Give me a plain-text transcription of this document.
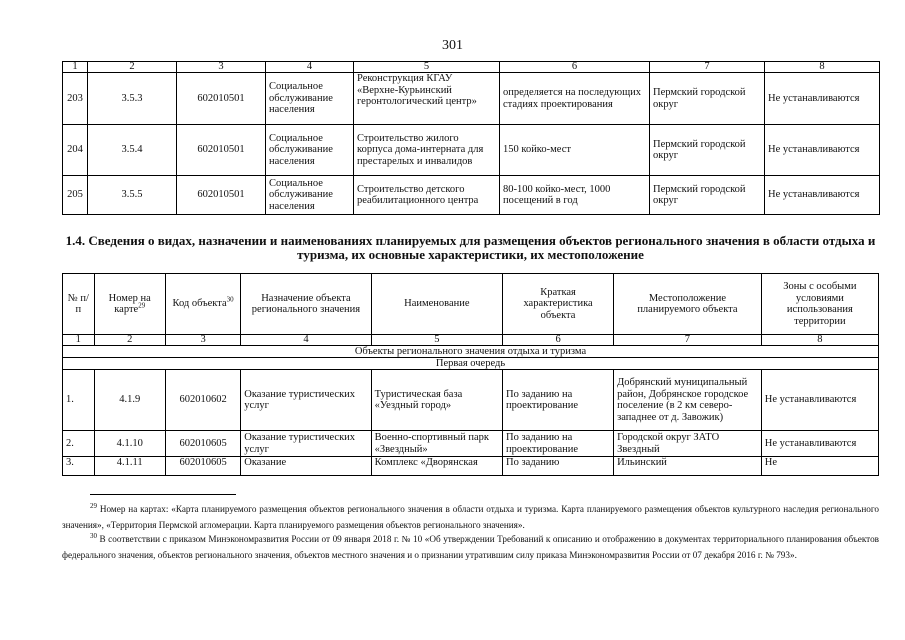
301
1	2	3	4	5	6	7	8
203	3.5.3	602010501	Социальное обслуживание населения	Реконструкция КГАУ «Верхне-Курьинский геронтологический центр»	определяется на последующих стадиях проектирования	Пермский городской округ	Не устанавливаются
204	3.5.4	602010501	Социальное обслуживание населения	Строительство жилого корпуса дома-интерната для престарелых и инвалидов	150 койко-мест	Пермский городской округ	Не устанавливаются
205	3.5.5	602010501	Социальное обслуживание населения	Строительство детского реабилитационного центра	80-100 койко-мест, 1000 посещений в год	Пермский городской округ	Не устанавливаются
1.4. Сведения о видах, назначении и наименованиях планируемых для размещения объектов регионального значения в области отдыха и туризма, их основные характеристики, их местоположение
№ п/п	Номер на карте$^{29}$	Код объекта$^{30}$	Назначение объекта регионального значения	Наименование	Краткая характеристика объекта	Местоположение планируемого объекта	Зоны с особыми условиями использования территории
1	2	3	4	5	6	7	8
Объекты регионального значения отдыха и туризма							
Первая очередь							
1.	4.1.9	602010602	Оказание туристических услуг	Туристическая база «Уездный город»	По заданию на проектирование	Добрянский муниципальный район, Добрянское городское поселение (в 2 км северо-западнее от д. Завожик)	Не устанавливаются
2.	4.1.10	602010605	Оказание туристических услуг	Военно-спортивный парк «Звездный»	По заданию на проектирование	Городской округ ЗАТО Звездный	Не устанавливаются
3.	4.1.11	602010605	Оказание	Комплекс «Дворянская	По заданию	Ильинский	Не
$^{29}$ Номер на картах: «Карта планируемого размещения объектов регионального значения в области отдыха и туризма. Карта планируемого размещения объектов культурного наследия регионального значения», «Территория Пермской агломерации. Карта планируемого размещения объектов регионального значения».
$^{30}$ В соответствии с приказом Минэкономразвития России от 09 января 2018 г. № 10 «Об утверждении Требований к описанию и отображению в документах территориального планирования объектов федерального значения, объектов регионального значения, объектов местного значения и о признании утратившим силу приказа Минэкономразвития России от 07 декабря 2016 г. № 793».
